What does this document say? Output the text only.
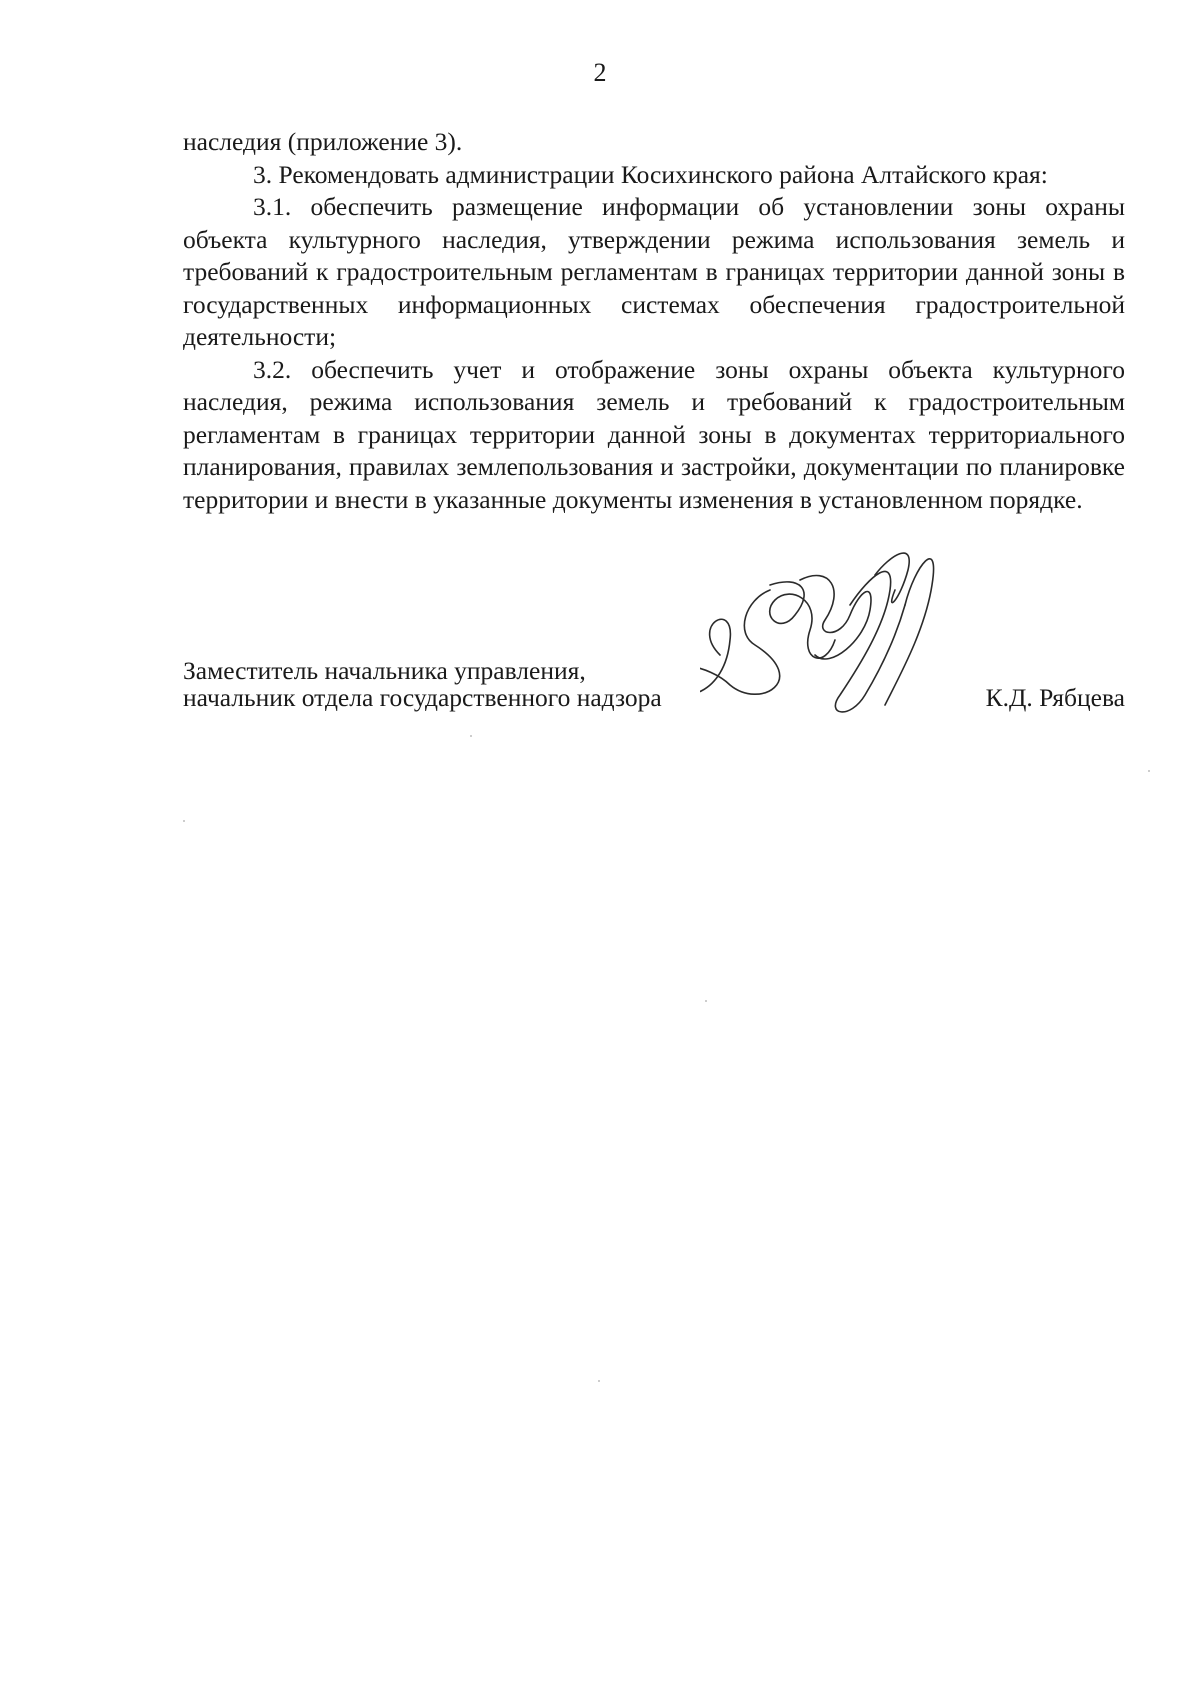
2

наследия (приложение 3).

3. Рекомендовать администрации Косихинского района Алтайского края:

3.1. обеспечить размещение информации об установлении зоны охраны объекта культурного наследия, утверждении режима использования земель и требований к градостроительным регламентам в границах территории данной зоны в государственных информационных системах обеспечения градостроительной деятельности;

3.2. обеспечить учет и отображение зоны охраны объекта культурного наследия, режима использования земель и требований к градостроительным регламентам в границах территории данной зоны в документах территориального планирования, правилах землепользования и застройки, документации по планировке территории и внести в указанные документы изменения в установленном порядке.

Заместитель начальника управления,
начальник отдела государственного надзора	К.Д. Рябцева
